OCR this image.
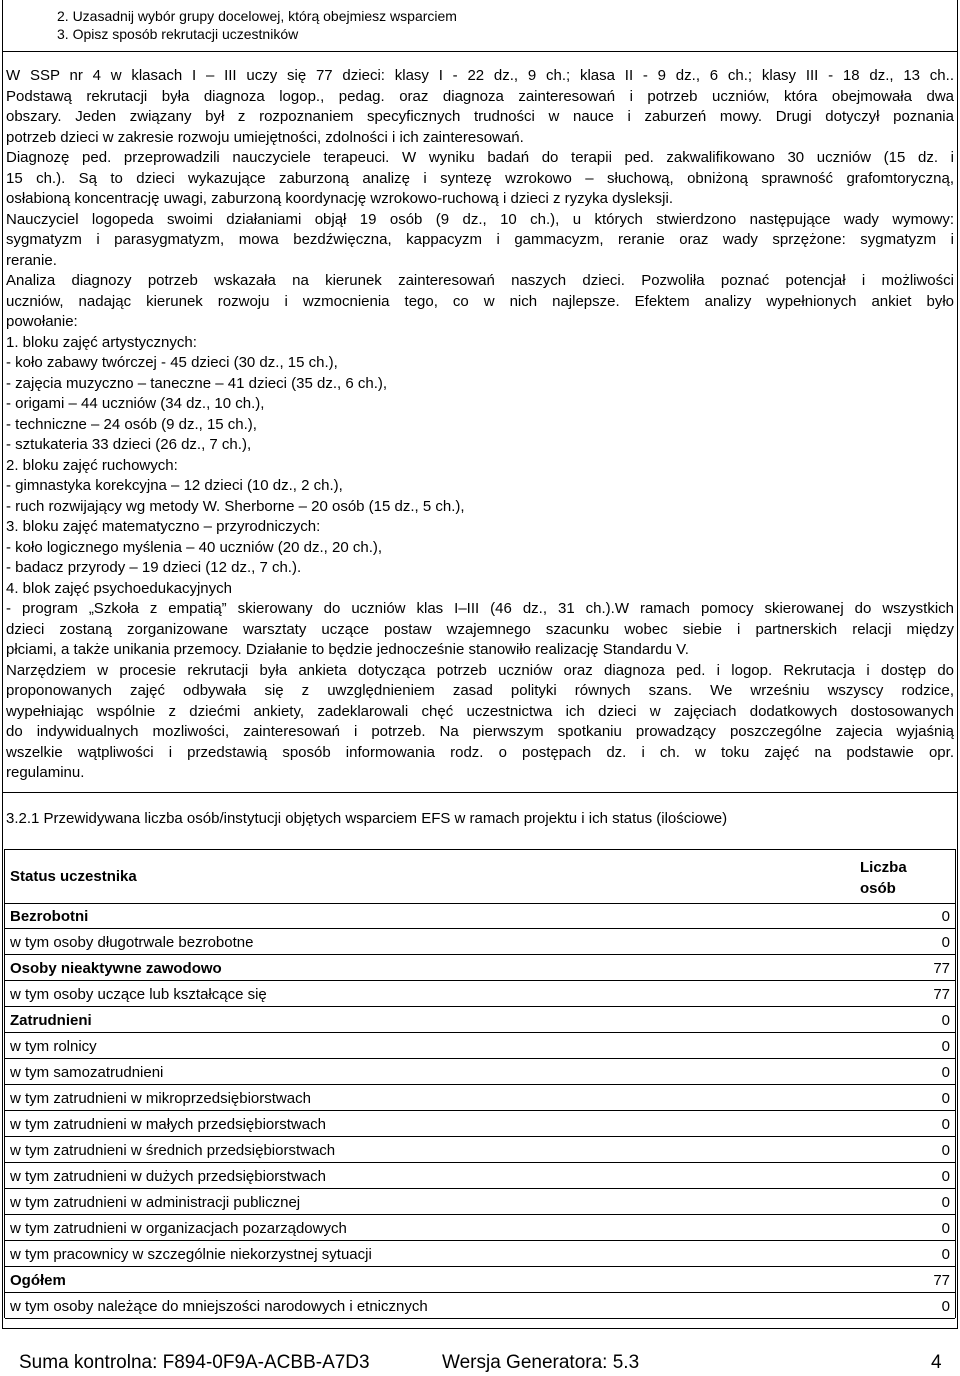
2. Uzasadnij wybór grupy docelowej, którą obejmiesz wsparciem
3. Opisz sposób rekrutacji uczestników
W SSP nr 4 w klasach I – III uczy się 77 dzieci: klasy I - 22 dz., 9 ch.; klasa II - 9 dz., 6 ch.; klasy III - 18 dz., 13 ch..
Podstawą rekrutacji była diagnoza logop., pedag. oraz diagnoza zainteresowań i potrzeb uczniów, która obejmowała dwa
obszary. Jeden związany był z rozpoznaniem specyficznych trudności w nauce i zaburzeń mowy. Drugi dotyczył poznania
potrzeb dzieci w zakresie rozwoju umiejętności, zdolności i ich zainteresowań.
Diagnozę ped. przeprowadzili nauczyciele terapeuci. W wyniku badań do terapii ped. zakwalifikowano 30 uczniów (15 dz. i
15 ch.). Są to dzieci wykazujące zaburzoną analizę i syntezę wzrokowo – słuchową, obniżoną sprawność grafomtoryczną,
osłabioną koncentrację uwagi, zaburzoną koordynację wzrokowo-ruchową i dzieci z ryzyka dysleksji.
Nauczyciel logopeda swoimi działaniami objął 19 osób (9 dz., 10 ch.), u których stwierdzono następujące wady wymowy:
sygmatyzm i parasygmatyzm, mowa bezdźwięczna, kappacyzm i gammacyzm, reranie oraz wady sprzężone: sygmatyzm i
reranie.
Analiza diagnozy potrzeb wskazała na kierunek zainteresowań naszych dzieci. Pozwoliła poznać potencjał i możliwości
uczniów, nadając kierunek rozwoju i wzmocnienia tego, co w nich najlepsze. Efektem analizy wypełnionych ankiet było
powołanie:
1. bloku zajęć artystycznych:
- koło zabawy twórczej - 45 dzieci (30 dz., 15 ch.),
- zajęcia muzyczno – taneczne – 41 dzieci (35 dz., 6 ch.),
- origami – 44 uczniów (34 dz., 10 ch.),
- techniczne – 24 osób (9 dz., 15 ch.),
- sztukateria 33 dzieci (26 dz., 7 ch.),
2. bloku zajęć ruchowych:
- gimnastyka korekcyjna – 12 dzieci (10 dz., 2 ch.),
- ruch rozwijający wg metody W. Sherborne – 20 osób (15 dz., 5 ch.),
3. bloku zajęć matematyczno – przyrodniczych:
- koło logicznego myślenia – 40 uczniów (20 dz., 20 ch.),
- badacz przyrody – 19 dzieci (12 dz., 7 ch.).
4. blok zajęć psychoedukacyjnych
- program „Szkoła z empatią” skierowany do uczniów klas I–III (46 dz., 31 ch.).W ramach pomocy skierowanej do wszystkich
dzieci zostaną zorganizowane warsztaty uczące postaw wzajemnego szacunku wobec siebie i partnerskich relacji między
płciami, a także unikania przemocy. Działanie to będzie jednocześnie stanowiło realizację Standardu V.
Narzędziem w procesie rekrutacji była ankieta dotycząca potrzeb uczniów oraz diagnoza ped. i logop. Rekrutacja i dostęp do
proponowanych zajęć odbywała się z uwzględnieniem zasad polityki równych szans. We wrześniu wszyscy rodzice,
wypełniając wspólnie z dziećmi ankiety, zadeklarowali chęć uczestnictwa ich dzieci w zajęciach dodatkowych dostosowanych
do indywidualnych mozliwości, zainteresowań i potrzeb. Na pierwszym spotkaniu prowadzący poszczególne zajecia wyjaśnią
wszelkie wątpliwości i przedstawią sposób informowania rodz. o postępach dz. i ch. w toku zajęć na podstawie opr.
regulaminu.
3.2.1 Przewidywana liczba osób/instytucji objętych wsparciem EFS w ramach projektu i ich status (ilościowe)
Status uczestnika
Liczba osób
Bezrobotni	0
w tym osoby długotrwale bezrobotne	0
Osoby nieaktywne zawodowo	77
w tym osoby uczące lub kształcące się	77
Zatrudnieni	0
w tym rolnicy	0
w tym samozatrudnieni	0
w tym zatrudnieni w mikroprzedsiębiorstwach	0
w tym zatrudnieni w małych przedsiębiorstwach	0
w tym zatrudnieni w średnich przedsiębiorstwach	0
w tym zatrudnieni w dużych przedsiębiorstwach	0
w tym zatrudnieni w administracji publicznej	0
w tym zatrudnieni w organizacjach pozarządowych	0
w tym pracownicy w szczególnie niekorzystnej sytuacji	0
Ogółem	77
w tym osoby należące do mniejszości narodowych i etnicznych	0
Suma kontrolna: F894-0F9A-ACBB-A7D3	Wersja Generatora: 5.3	4
